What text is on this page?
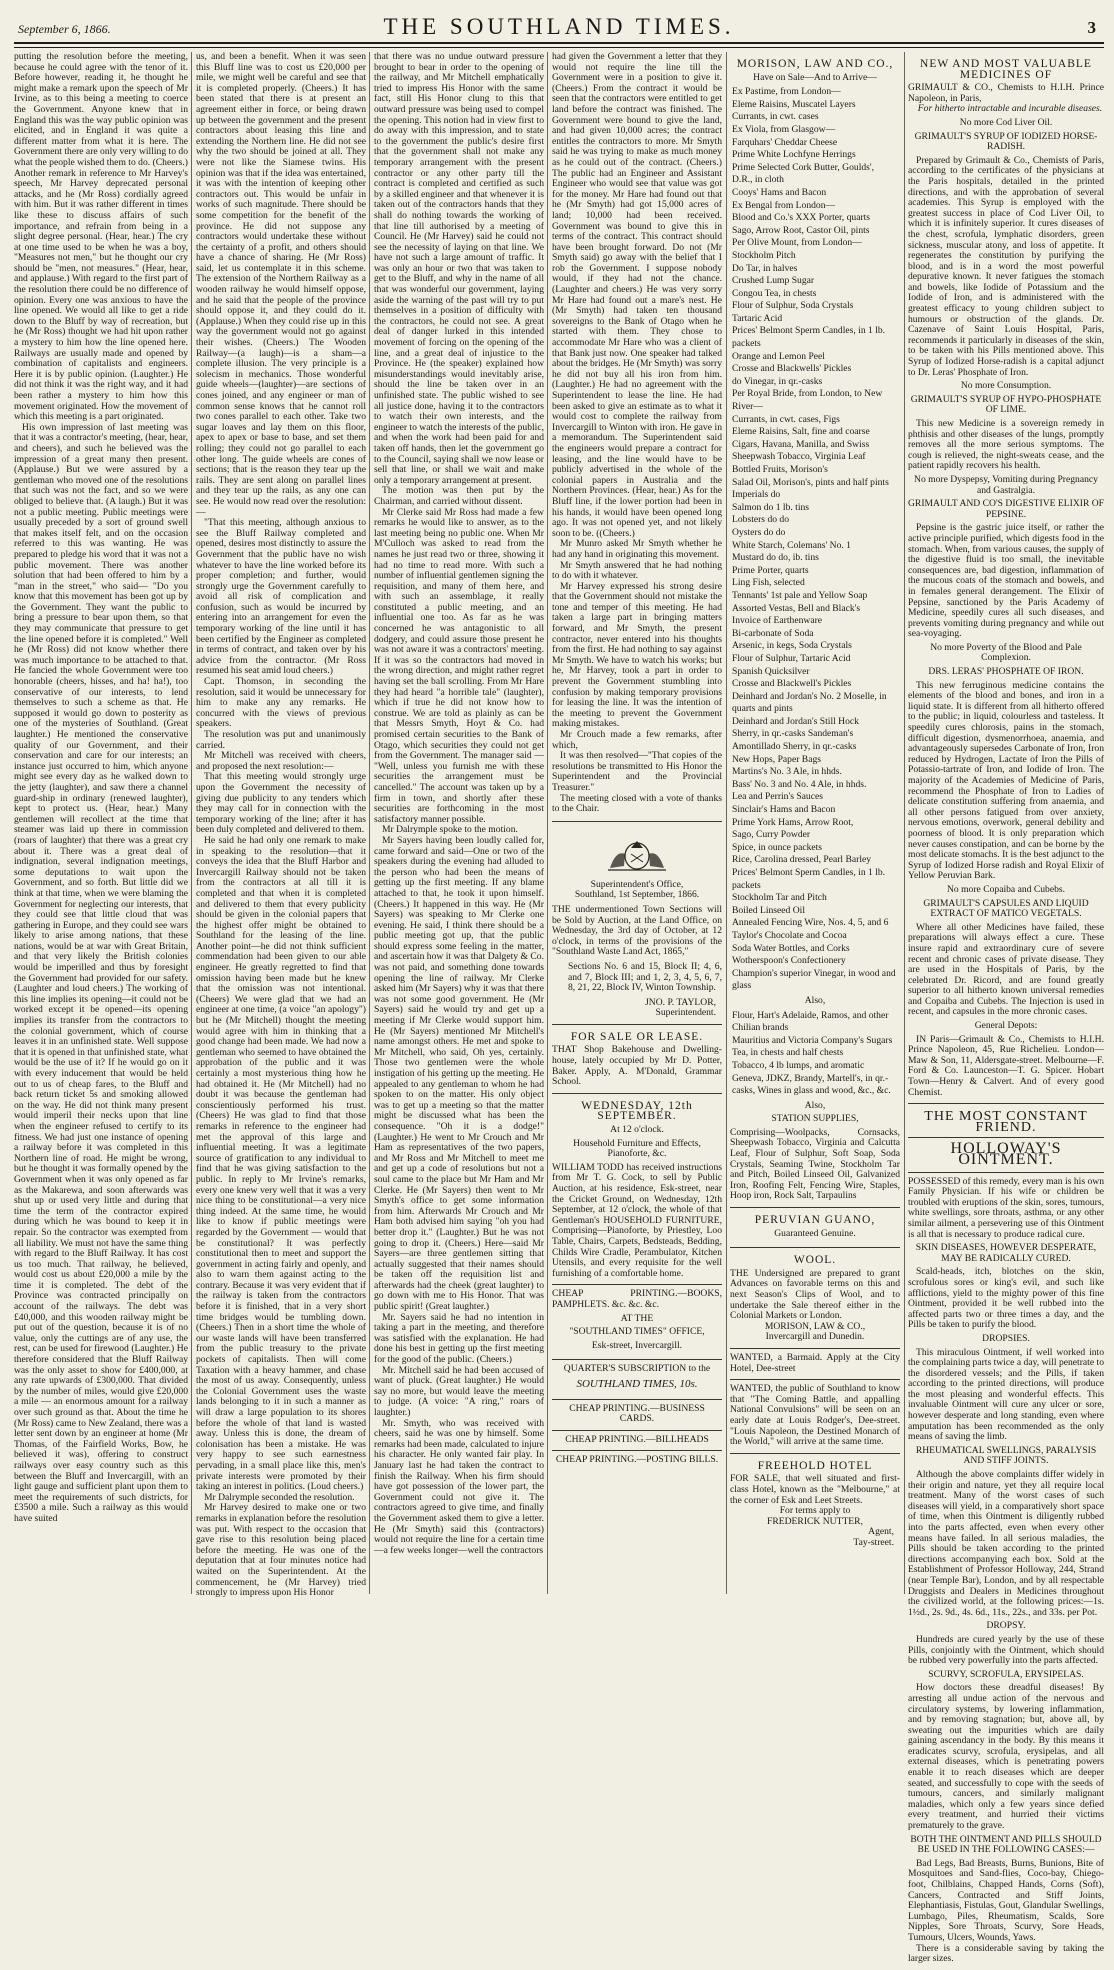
September 6, 1866.	THE SOUTHLAND TIMES.	3

putting the resolution before the meeting, because he could agree with the tenor of it. Before however, reading it, he thought he might make a remark upon the speech of Mr Irvine, as to this being a meeting to coerce the Government. Anyone knew that in England this was the way public opinion was elicited, and in England it was quite a different matter from what it is here. The Government there are only very willing to do what the people wished them to do. (Cheers.) Another remark in reference to Mr Harvey's speech, Mr Harvey deprecated personal attacks, and he (Mr Ross) cordially agreed with him. But it was rather different in times like these to discuss affairs of such importance, and refrain from being in a slight degree personal. (Hear, hear.) The cry at one time used to be when he was a boy, "Measures not men," but he thought our cry should be "men, not measures." (Hear, hear, and applause.) With regard to the first part of the resolution there could be no difference of opinion. Every one was anxious to have the line opened. We would all like to get a ride down to the Bluff by way of recreation, but he (Mr Ross) thought we had hit upon rather a mystery to him how the line opened here. Railways are usually made and opened by combination of capitalists and engineers. Here it is by public opinion. (Laughter.) He did not think it was the right way, and it had been rather a mystery to him how this movement originated. How the movement of which this meeting is a part originated.

His own impression of last meeting was that it was a contractor's meeting, (hear, hear, and cheers), and such he believed was the impression of a great many then present. (Applause.) But we were assured by a gentleman who moved one of the resolutions that such was not the fact, and so we were obliged to believe that. (A laugh.) But it was not a public meeting. Public meetings were usually preceded by a sort of ground swell that makes itself felt, and on the occasion referred to this was wanting. He was prepared to pledge his word that it was not a public movement. There was another solution that had been offered to him by a "man in the street," who said— "Do you know that this movement has been got up by the Government. They want the public to bring a pressure to bear upon them, so that they may communicate that pressure to get the line opened before it is completed." Well he (Mr Ross) did not know whether there was much importance to be attached to that. He fancied the whole Government were too honorable (cheers, hisses, and ha! ha!), too conservative of our interests, to lend themselves to such a scheme as that. He supposed it would go down to posterity as one of the mysteries of Southland. (Great laughter.) He mentioned the conservative quality of our Government, and their conservation and care for our interests; an instance just occurred to him, which anyone might see every day as he walked down to the jetty (laughter), and saw there a channel guard-ship in ordinary (renewed laughter), kept to protect us. (Hear, hear.) Many gentlemen will recollect at the time that steamer was laid up there in commission (roars of laughter) that there was a great cry about it. There was a great deal of indignation, several indignation meetings, some deputations to wait upon the Government, and so forth. But little did we think at that time, when we were blaming the Government for neglecting our interests, that they could see that little cloud that was gathering in Europe, and they could see wars likely to arise among nations, that these nations, would be at war with Great Britain, and that very likely the British colonies would be imperilled and thus by foresight the Government had provided for our safety. (Laughter and loud cheers.) The working of this line implies its opening—it could not be worked except it be opened—its opening implies its transfer from the contractors to the colonial government, which of course leaves it in an unfinished state. Well suppose that it is opened in that unfinished state, what would be the use of it? If he would go on it with every inducement that would be held out to us of cheap fares, to the Bluff and back return ticket 5s and smoking allowed on the way. He did not think many present would imperil their necks upon that line when the engineer refused to certify to its fitness. We had just one instance of opening a railway before it was completed in this Northern line of road. He might be wrong, but he thought it was formally opened by the Government when it was only opened as far as the Makarewa, and soon afterwards was shut up or used very little and during that time the term of the contractor expired during which he was bound to keep it in repair. So the contractor was exempted from all liability. We must not have the same thing with regard to the Bluff Railway. It has cost us too much. That railway, he believed, would cost us about £20,000 a mile by the time it is completed. The debt of the Province was contracted principally on account of the railways. The debt was £40,000, and this wooden railway might be put out of the question, because it is of no value, only the cuttings are of any use, the rest, can be used for firewood (Laughter.) He therefore considered that the Bluff Railway was the only asset to show for £400,000, at any rate upwards of £300,000. That divided by the number of miles, would give £20,000 a mile — an enormous amount for a railway over such ground as that. About the time he (Mr Ross) came to New Zealand, there was a letter sent down by an engineer at home (Mr Thomas, of the Fairfield Works, Bow, he believed it was), offering to construct railways over easy country such as this between the Bluff and Invercargill, with an light gauge and sufficient plant upon them to meet the requirements of such districts, for £3500 a mile. Such a railway as this would have suited

us, and been a benefit. When it was seen this Bluff line was to cost us £20,000 per mile, we might well be careful and see that it is completed properly. (Cheers.) It has been stated that there is at present an agreement either in force, or being drawn up between the government and the present contractors about leasing this line and extending the Northern line. He did not see why the two should be joined at all. They were not like the Siamese twins. His opinion was that if the idea was entertained, it was with the intention of keeping other contractors out. This would be unfair in works of such magnitude. There should be some competition for the benefit of the province. He did not suppose any contractors would undertake these without the certainty of a profit, and others should have a chance of sharing. He (Mr Ross) said, let us contemplate it in this scheme. The extension of the Northern Railway as a wooden railway he would himself oppose, and he said that the people of the province should oppose it, and they could do it. (Applause.) When they could rise up in this way the government would not go against their wishes. (Cheers.) The Wooden Railway—(a laugh)—is a sham—a complete illusion. The very principle is a solecism in mechanics. Those wonderful guide wheels—(laughter)—are sections of cones joined, and any engineer or man of common sense knows that he cannot roll two cones parallel to each other. Take two sugar loaves and lay them on this floor, apex to apex or base to base, and set them rolling; they could not go parallel to each other long. The guide wheels are cones of sections; that is the reason they tear up the rails. They are sent along on parallel lines and they tear up the rails, as any one can see. He would now read over the resolution:—

"That this meeting, although anxious to see the Bluff Railway completed and opened, desires most distinctly to assure the Government that the public have no wish whatever to have the line worked before its proper completion; and further, would strongly urge the Government carefully to avoid all risk of complication and confusion, such as would be incurred by entering into an arrangement for even the temporary working of the line until it has been certified by the Engineer as completed in terms of contract, and taken over by his advice from the contractor. (Mr Ross resumed his seat amid loud cheers.)

Capt. Thomson, in seconding the resolution, said it would be unnecessary for him to make any any remarks. He concurred with the views of previous speakers.

The resolution was put and unanimously carried.

Mr Mitchell was received with cheers, and proposed the next resolution:—

That this meeting would strongly urge upon the Government the necessity of giving due publicity to any tenders which they may call for in connection with the temporary working of the line; after it has been duly completed and delivered to them.

He said he had only one remark to make in speaking to the resolution—that it conveys the idea that the Bluff Harbor and Invercargill Railway should not be taken from the contractors at all till it is completed and that when it is completed and delivered to them that every publicity should be given in the colonial papers that the highest offer might be obtained to Southland for the leasing of the line. Another point—he did not think sufficient commendation had been given to our able engineer. He greatly regretted to find that omission having been made but he knew that the omission was not intentional. (Cheers) We were glad that we had an engineer at one time, (a voice "an apology") but he (Mr Mitchell) thought the meeting would agree with him in thinking that a good change had been made. We had now a gentleman who seemed to have obtained the approbation of the public and it was certainly a most mysterious thing how he had obtained it. He (Mr Mitchell) had no doubt it was because the gentleman had conscientiously performed his trust. (Cheers) He was glad to find that those remarks in reference to the engineer had met the approval of this large and influential meeting. It was a legitimate source of gratification to any individual to find that he was giving satisfaction to the public. In reply to Mr Irvine's remarks, every one knew very well that it was a very nice thing to be constitutional—a very nice thing indeed. At the same time, he would like to know if public meetings were regarded by the Government — would that be constitutional? It was perfectly constitutional then to meet and support the government in acting fairly and openly, and also to warn them against acting to the contrary. Because it was very evident that if the railway is taken from the contractors before it is finished, that in a very short time bridges would be tumbling down. (Cheers.) Then in a short time the whole of our waste lands will have been transferred from the public treasury to the private pockets of capitalists. Then will come Taxation with a heavy hammer, and chase the most of us away. Consequently, unless the Colonial Government uses the waste lands belonging to it in such a manner as will draw a large population to its shores before the whole of that land is wasted away. Unless this is done, the dream of colonisation has been a mistake. He was very happy to see such earnestness pervading, in a small place like this, men's private interests were promoted by their taking an interest in politics. (Loud cheers.)

Mr Dalrymple seconded the resolution.

Mr Harvey desired to make one or two remarks in explanation before the resolution was put. With respect to the occasion that gave rise to this resolution being placed before the meeting. He was one of the deputation that at four minutes notice had waited on the Superintendent. At the commencement, he (Mr Harvey) tried strongly to impress upon His Honor

that there was no undue outward pressure brought to bear in order to the opening of the railway, and Mr Mitchell emphatically tried to impress His Honor with the same fact, still His Honor clung to this that outward pressure was being used to compel the opening. This notion had in view first to do away with this impression, and to state to the government the public's desire first that the government shall not make any temporary arrangement with the present contractor or any other party till the contract is completed and certified as such by a skilled engineer and that whenever it is taken out of the contractors hands that they shall do nothing towards the working of that line till authorised by a meeting of Council. He (Mr Harvey) said he could not see the necessity of laying on that line. We have not such a large amount of traffic. It was only an hour or two that was taken to get to the Bluff, and why in the name of all that was wonderful our government, laying aside the warning of the past will try to put themselves in a position of difficulty with the contractors, he could not see. A great deal of danger lurked in this intended movement of forcing on the opening of the line, and a great deal of injustice to the Province. He (the speaker) explained how misunderstandings would inevitably arise, should the line be taken over in an unfinished state. The public wished to see all justice done, having it to the contractors to watch their own interests, and the engineer to watch the interests of the public, and when the work had been paid for and taken off hands, then let the government go to the Council, saying shall we now lease or sell that line, or shall we wait and make only a temporary arrangement at present.

The motion was then put by the Chairman, and carried without dissent.

Mr Clerke said Mr Ross had made a few remarks he would like to answer, as to the last meeting being no public one. When Mr M'Culloch was asked to read from the names he just read two or three, showing it had no time to read more. With such a number of influential gentlemen signing the requisition, and many of them here, and with such an assemblage, it really constituted a public meeting, and an influential one too. As far as he was concerned he was antagonistic to all dodgery, and could assure those present he was not aware it was a contractors' meeting. If it was so the contractors had moved in the wrong direction, and might rather regret having set the ball scrolling. From Mr Hare they had heard "a horrible tale" (laughter), which if true he did not know how to construe. We are told as plainly as can be that Messrs Smyth, Hoyt & Co. had promised certain securities to the Bank of Otago, which securities they could not get from the Government. The manager said — "Well, unless you furnish me with these securities the arrangement must be cancelled." The account was taken up by a firm in town, and shortly after these securities are forthcoming in the most satisfactory manner possible.

Mr Dalrymple spoke to the motion.

Mr Sayers having been loudly called for, came forward and said—One or two of the speakers during the evening had alluded to the person who had been the means of getting up the first meeting. If any blame attached to that, he took it upon himself. (Cheers.) It happened in this way. He (Mr Sayers) was speaking to Mr Clerke one evening. He said, I think there should be a public meeting got up, that the public should express some feeling in the matter, and ascertain how it was that Dalgety & Co. was not paid, and something done towards opening the line of railway. Mr Clerke asked him (Mr Sayers) why it was that there was not some good government. He (Mr Sayers) said he would try and get up a meeting if Mr Clerke would support him. He (Mr Sayers) mentioned Mr Mitchell's name amongst others. He met and spoke to Mr Mitchell, who said, Oh yes, certainly. Those two gentlemen were the whole instigation of his getting up the meeting. He appealed to any gentleman to whom he had spoken to on the matter. His only object was to get up a meeting so that the matter might be discussed what has been the consequence. "Oh it is a dodge!" (Laughter.) He went to Mr Crouch and Mr Ham as representatives of the two papers, and Mr Ross and Mr Mitchell to meet me and get up a code of resolutions but not a soul came to the place but Mr Ham and Mr Clerke. He (Mr Sayers) then went to Mr Smyth's office to get some information from him. Afterwards Mr Crouch and Mr Ham both advised him saying "oh you had better drop it." (Laughter.) But he was not going to drop it. (Cheers.) Here—said Mr Sayers—are three gentlemen sitting that actually suggested that their names should be taken off the requisition list and afterwards had the cheek (great laughter) to go down with me to His Honor. That was public spirit! (Great laughter.)

Mr. Sayers said he had no intention in taking a part in the meeting, and therefore was satisfied with the explanation. He had done his best in getting up the first meeting for the good of the public. (Cheers.)

Mr. Mitchell said he had been accused of want of pluck. (Great laughter.) He would say no more, but would leave the meeting to judge. (A voice: "A ring," roars of laughter.)

Mr. Smyth, who was received with cheers, said he was one by himself. Some remarks had been made, calculated to injure his character. He only wanted fair play. In January last he had taken the contract to finish the Railway. When his firm should have got possession of the lower part, the Government could not give it. The contractors agreed to give time, and finally the Government asked them to give a letter. He (Mr Smyth) said this (contractors) would not require the line for a certain time—a few weeks longer—well the contractors

had given the Government a letter that they would not require the line till the Government were in a position to give it. (Cheers.) From the contract it would be seen that the contractors were entitled to get land before the contract was finished. The Government were bound to give the land, and had given 10,000 acres; the contract entitles the contractors to more. Mr Smyth said he was trying to make as much money as he could out of the contract. (Cheers.) The public had an Engineer and Assistant Engineer who would see that value was got for the money. Mr Hare had found out that he (Mr Smyth) had got 15,000 acres of land; 10,000 had been received. Government was bound to give this in terms of the contract. This contract should have been brought forward. Do not (Mr Smyth said) go away with the belief that I rob the Government. I suppose nobody would, if they had not the chance. (Laughter and cheers.) He was very sorry Mr Hare had found out a mare's nest. He (Mr Smyth) had taken ten thousand sovereigns to the Bank of Otago when he started with them. They chose to accommodate Mr Hare who was a client of that Bank just now. One speaker had talked about the bridges. He (Mr Smyth) was sorry he did not buy all his iron from him. (Laughter.) He had no agreement with the Superintendent to lease the line. He had been asked to give an estimate as to what it would cost to complete the railway from Invercargill to Winton with iron. He gave in a memorandum. The Superintendent said the engineers would prepare a contract for leasing, and the line would have to be publicly advertised in the whole of the colonial papers in Australia and the Northern Provinces. (Hear, hear.) As for the Bluff line, if the lower portion had been in his hands, it would have been opened long ago. It was not opened yet, and not likely soon to be. ((Cheers.)

Mr Munro asked Mr Smyth whether he had any hand in originating this movement.

Mr Smyth answered that he had nothing to do with it whatever.

Mr Harvey expressed his strong desire that the Government should not mistake the tone and temper of this meeting. He had taken a large part in bringing matters forward, and Mr Smyth, the present contractor, never entered into his thoughts from the first. He had nothing to say against Mr Smyth. We have to watch his works; but he, Mr Harvey, took a part in order to prevent the Government stumbling into confusion by making temporary provisions for leasing the line. It was the intention of the meeting to prevent the Government making mistakes.

Mr Crouch made a few remarks, after which,

It was then resolved—"That copies of the resolutions be transmitted to His Honor the Superintendent and the Provincial Treasurer."

The meeting closed with a vote of thanks to the Chair.

Superintendent's Office,
Southland, 1st September, 1866.

THE undermentioned Town Sections will be Sold by Auction, at the Land Office, on Wednesday, the 3rd day of October, at 12 o'clock, in terms of the provisions of the "Southland Waste Land Act, 1865,"

Sections No. 6 and 15, Block II; 4, 6, and 7, Block III; and 1, 2, 3, 4, 5, 6, 7, 8, 21, 22, Block IV, Winton Township.

JNO. P. TAYLOR,
Superintendent.
FOR SALE OR LEASE.

THAT Shop Bakehouse and Dwelling-house, lately occupied by Mr D. Potter, Baker. Apply, A. M'Donald, Grammar School.

WEDNESDAY, 12th SEPTEMBER.
At 12 o'clock.
Household Furniture and Effects, Pianoforte, &c.

WILLIAM TODD has received instructions from Mr T. G. Cock, to sell by Public Auction, at his residence, Esk-street, near the Cricket Ground, on Wednesday, 12th September, at 12 o'clock, the whole of that Gentleman's HOUSEHOLD FURNITURE, Comprising—Pianoforte, by Priestley, Loo Table, Chairs, Carpets, Bedsteads, Bedding, Childs Wire Cradle, Perambulator, Kitchen Utensils, and every requisite for the well furnishing of a comfortable home.

CHEAP PRINTING.—BOOKS, PAMPHLETS. &c. &c. &c.

AT THE
"SOUTHLAND TIMES" OFFICE,
Esk-street, Invercargill.
QUARTER'S SUBSCRIPTION to the
SOUTHLAND TIMES, 10s.
CHEAP PRINTING.—BUSINESS CARDS.
CHEAP PRINTING.—BILLHEADS
CHEAP PRINTING.—POSTING BILLS.
MORISON, LAW AND CO.,
Have on Sale—And to Arrive—
Ex Pastime, from London—
Eleme Raisins, Muscatel Layers
Currants, in cwt. cases
Ex Viola, from Glasgow—
Farquhars' Cheddar Cheese
Prime White Lochfyne Herrings
Prime Selected Cork Butter, Goulds',
D.R., in cloth
Cooys' Hams and Bacon
Ex Bengal from London—
Blood and Co.'s XXX Porter, quarts
Sago, Arrow Root, Castor Oil, pints
Per Olive Mount, from London—
Stockholm Pitch
Do Tar, in halves
Crushed Lump Sugar
Congou Tea, in chests
Flour of Sulphur, Soda Crystals
Tartaric Acid
Prices' Belmont Sperm Candles, in 1 lb. packets
Orange and Lemon Peel
Crosse and Blackwells' Pickles
do Vinegar, in qr.-casks
Per Royal Bride, from London, to New River—
Currants, in cwt. cases, Figs
Eleme Raisins, Salt, fine and coarse
Cigars, Havana, Manilla, and Swiss
Sheepwash Tobacco, Virginia Leaf
Bottled Fruits, Morison's
Salad Oil, Morison's, pints and half pints
Imperials do
Salmon do 1 lb. tins
Lobsters do do
Oysters do do
White Starch, Colemans' No. 1
Mustard do do, ib. tins
Prime Porter, quarts
Ling Fish, selected
Tennants' 1st pale and Yellow Soap
Assorted Vestas, Bell and Black's
Invoice of Earthenware
Bi-carbonate of Soda
Arsenic, in kegs, Soda Crystals
Flour of Sulphur, Tartaric Acid
Spanish Quicksilver
Crosse and Blackwell's Pickles
Deinhard and Jordan's No. 2 Moselle, in quarts and pints
Deinhard and Jordan's Still Hock
Sherry, in qr.-casks Sandeman's
Amontillado Sherry, in qr.-casks
New Hops, Paper Bags
Martins's No. 3 Ale, in hhds.
Bass' No. 3 and No. 4 Ale, in hhds.
Lea and Perrin's Sauces
Sinclair's Hams and Bacon
Prime York Hams, Arrow Root,
Sago, Curry Powder
Spice, in ounce packets
Rice, Carolina dressed, Pearl Barley
Prices' Belmont Sperm Candles, in 1 lb. packets
Stockholm Tar and Pitch
Boiled Linseed Oil
Annealed Fencing Wire, Nos. 4, 5, and 6
Taylor's Chocolate and Cocoa
Soda Water Bottles, and Corks
Wotherspoon's Confectionery
Champion's superior Vinegar, in wood and glass
Also,
Flour, Hart's Adelaide, Ramos, and other Chilian brands
Mauritius and Victoria Company's Sugars
Tea, in chests and half chests
Tobacco, 4 lb lumps, and aromatic
Geneva, JDKZ, Brandy, Martell's, in qr.-casks, Wines in glass and wood, &c., &c.
Also,
STATION SUPPLIES,

Comprising—Woolpacks, Cornsacks, Sheepwash Tobacco, Virginia and Calcutta Leaf, Flour of Sulphur, Soft Soap, Soda Crystals, Seaming Twine, Stockholm Tar and Pitch, Boiled Linseed Oil, Galvanized Iron, Roofing Felt, Fencing Wire, Staples, Hoop iron, Rock Salt, Tarpaulins

PERUVIAN GUANO,
Guaranteed Genuine.
WOOL.

THE Undersigned are prepared to grant Advances on favorable terms on this and next Season's Clips of Wool, and to undertake the Sale thereof either in the Colonial Markets or London.

MORISON, LAW & CO.,
Invercargill and Dunedin.

WANTED, a Barmaid. Apply at the City Hotel, Dee-street

WANTED, the public of Southland to know that "The Coming Battle, and appalling National Convulsions" will be seen on an early date at Louis Rodger's, Dee-street. "Louis Napoleon, the Destined Monarch of the World," will arrive at the same time.

FREEHOLD HOTEL

FOR SALE, that well situated and first-class Hotel, known as the "Melbourne," at the corner of Esk and Leet Streets.

For terms apply to
FREDERICK NUTTER,
Agent,
Tay-street.
NEW AND MOST VALUABLE MEDICINES OF

GRIMAULT & CO., Chemists to H.I.H. Prince Napoleon, in Paris,

For hitherto intractable and incurable diseases.

No more Cod Liver Oil.
GRIMAULT'S SYRUP OF IODIZED HORSE-RADISH.

Prepared by Grimault & Co., Chemists of Paris, according to the certificates of the physicians at the Paris hospitals, detailed in the printed directions, and with the approbation of several academies. This Syrup is employed with the greatest success in place of Cod Liver Oil, to which it is infinitely superior. It cures diseases of the chest, scrofula, lymphatic disorders, green sickness, muscular atony, and loss of appetite. It regenerates the constitution by purifying the blood, and is in a word the most powerful depurative known. It never fatigues the stomach and bowels, like Iodide of Potassium and the Iodide of Iron, and is administered with the greatest efficacy to young children subject to humours or obstruction of the glands. Dr. Cazenave of Saint Louis Hospital, Paris, recommends it particularly in diseases of the skin, to be taken with his Pills mentioned above. This Syrup of Iodized Horse-radish is a capital adjunct to Dr. Leras' Phosphate of Iron.

No more Consumption.
GRIMAULT'S SYRUP OF HYPO-PHOSPHATE OF LIME.

This new Medicine is a sovereign remedy in phthisis and other diseases of the lungs, promptly removes all the more serious symptoms. The cough is relieved, the night-sweats cease, and the patient rapidly recovers his health.

No more Dyspepsy, Vomiting during Pregnancy and Gastralgia.
GRIMAULT AND CO'S DIGESTIVE ELIXIR OF PEPSINE.

Pepsine is the gastric juice itself, or rather the active principle purified, which digests food in the stomach. When, from various causes, the supply of the digestive fluid is too small, the inevitable consequences are, bad digestion, inflammation of the mucous coats of the stomach and bowels, and in females general derangement. The Elixir of Pepsine, sanctioned by the Paris Academy of Medicine, speedily cures all such diseases, and prevents vomiting during pregnancy and while out sea-voyaging.

No more Poverty of the Blood and Pale Complexion.
DRS. LERAS' PHOSPHATE OF IRON.

This new ferruginous medicine contains the elements of the blood and bones, and iron in a liquid state. It is different from all hitherto offered to the public; in liquid, colourless and tasteless. It speedily cures chlorosis, pains in the stomach, difficult digestion, dysmenorrhoea, anaemia, and advantageously supersedes Carbonate of Iron, Iron reduced by Hydrogen, Lactate of Iron the Pills of Potassio-tartrate of Iron, and Iodide of Iron. The majority of the Academies of Medicine of Paris, recommend the Phosphate of Iron to Ladies of delicate constitution suffering from anaemia, and all other persons fatigued from over anxiety, nervous emotions, overwork, general debility and poorness of blood. It is only preparation which never causes constipation, and can be borne by the most delicate stomachs. It is the best adjunct to the Syrup of Iodized Horse radish and Royal Elixir of Yellow Peruvian Bark.

No more Copaiba and Cubebs.
GRIMAULT'S CAPSULES AND LIQUID EXTRACT OF MATICO VEGETALS.

Where all other Medicines have failed, these preparations will always effect a cure. These insure rapid and extraordinary cure of severe recent and chronic cases of private disease. They are used in the Hospitals of Paris, by the celebrated Dr. Ricord, and are found greatly superior to all hitherto known universal remedies and Copaiba and Cubebs. The Injection is used in recent, and capsules in the more chronic cases.

General Depots:

IN Paris—Grimault & Co., Chemists to H.I.H. Prince Napoleon, 45, Rue Richelieu. London—Maw & Son, 11, Aldersgate-street. Melbourne—F. Ford & Co. Launceston—T. G. Spicer. Hobart Town—Henry & Calvert. And of every good Chemist.

THE MOST CONSTANT FRIEND.
HOLLOWAY'S OINTMENT.

POSSESSED of this remedy, every man is his own Family Physician. If his wife or children be troubled with eruptions of the skin, sores, tumours, white swellings, sore throats, asthma, or any other similar ailment, a persevering use of this Ointment is all that is necessary to produce radical cure.

SKIN DISEASES, HOWEVER DESPERATE, MAY BE RADICALLY CURED.

Scald-heads, itch, blotches on the skin, scrofulous sores or king's evil, and such like afflictions, yield to the mighty power of this fine Ointment, provided it be well rubbed into the affected parts two or three times a day, and the Pills be taken to purify the blood.

DROPSIES.

This miraculous Ointment, if well worked into the complaining parts twice a day, will penetrate to the disordered vessels; and the Pills, if taken according to the printed directions, will produce the most pleasing and wonderful effects. This invaluable Ointment will cure any ulcer or sore, however desperate and long standing, even where amputation has been recommended as the only means of saving the limb.

RHEUMATICAL SWELLINGS, PARALYSIS AND STIFF JOINTS.

Although the above complaints differ widely in their origin and nature, yet they all require local treatment. Many of the worst cases of such diseases will yield, in a comparatively short space of time, when this Ointment is diligently rubbed into the parts affected, even when every other means have failed. In all serious maladies, the Pills should be taken according to the printed directions accompanying each box. Sold at the Establishment of Professor Holloway, 244, Strand (near Temple Bar), London, and by all respectable Druggists and Dealers in Medicines throughout the civilized world, at the following prices:—1s. 1½d., 2s. 9d., 4s. 6d., 11s., 22s., and 33s. per Pot.

DROPSY.

Hundreds are cured yearly by the use of these Pills, conjointly with the Ointment, which should be rubbed very powerfully into the parts affected.

SCURVY, SCROFULA, ERYSIPELAS.

How doctors these dreadful diseases! By arresting all undue action of the nervous and circulatory systems, by lowering inflammation, and by removing stagnation; but, above all, by sweating out the impurities which are daily gaining ascendancy in the body. By this means it eradicates scurvy, scrofula, erysipelas, and all external diseases, which is penetrating powers enable it to reach diseases which are deeper seated, and successfully to cope with the seeds of tumours, cancers, and similarly malignant maladies, which only a few years since defied every treatment, and hurried their victims prematurely to the grave.

BOTH THE OINTMENT AND PILLS SHOULD BE USED IN THE FOLLOWING CASES:—

Bad Legs, Bad Breasts, Burns, Bunions, Bite of Mosquitoes and Sand-flies, Coco-bay, Chiego-foot, Chilblains, Chapped Hands, Corns (Soft), Cancers, Contracted and Stiff Joints, Elephantiasis, Fistulas, Gout, Glandular Swellings, Lumbago, Piles, Rheumatism, Scalds, Sore Nipples, Sore Throats, Scurvy, Sore Heads, Tumours, Ulcers, Wounds, Yaws.

There is a considerable saving by taking the larger sizes.
